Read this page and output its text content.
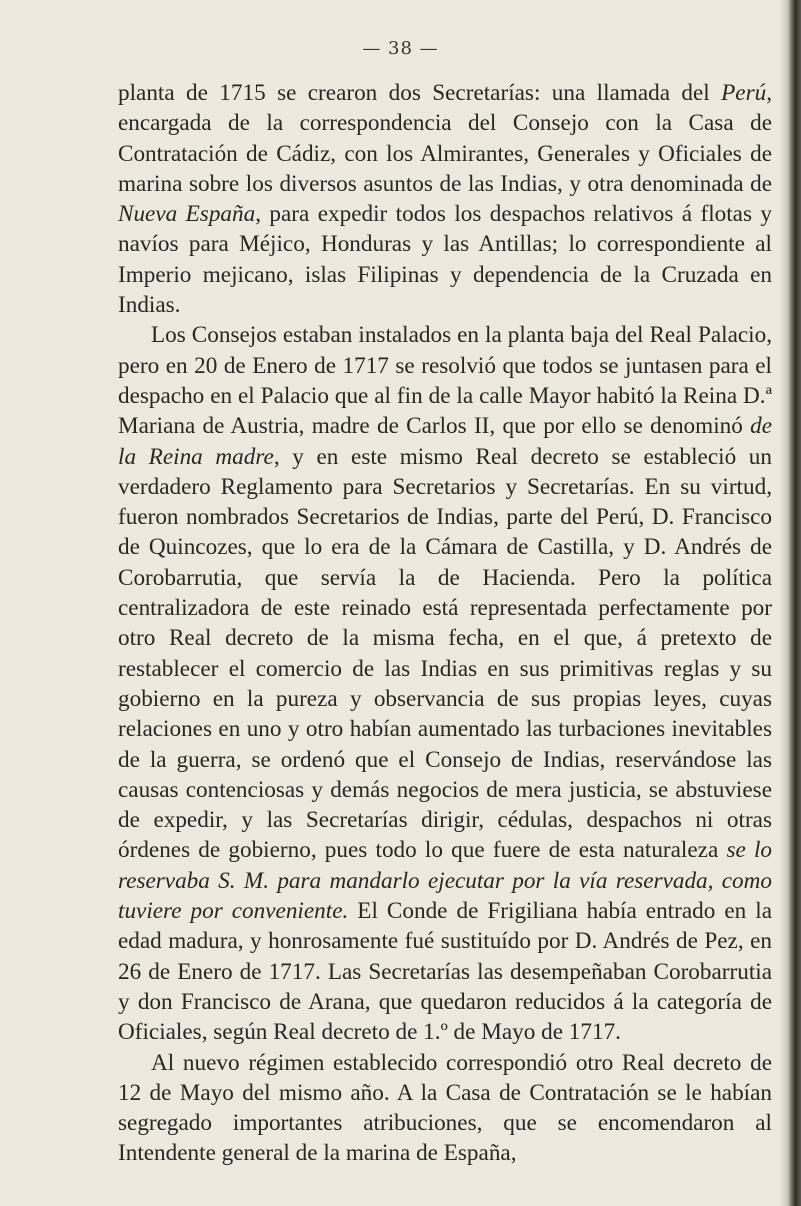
— 38 —

planta de 1715 se crearon dos Secretarías: una llamada del Perú, encargada de la correspondencia del Consejo con la Casa de Contratación de Cádiz, con los Almirantes, Generales y Oficiales de marina sobre los diversos asuntos de las Indias, y otra denominada de Nueva España, para expedir todos los despachos relativos á flotas y navíos para Méjico, Honduras y las Antillas; lo correspondiente al Imperio mejicano, islas Filipinas y dependencia de la Cruzada en Indias.

Los Consejos estaban instalados en la planta baja del Real Palacio, pero en 20 de Enero de 1717 se resolvió que todos se juntasen para el despacho en el Palacio que al fin de la calle Mayor habitó la Reina D.ª Mariana de Austria, madre de Carlos II, que por ello se denominó de la Reina madre, y en este mismo Real decreto se estableció un verdadero Reglamento para Secretarios y Secretarías. En su virtud, fueron nombrados Secretarios de Indias, parte del Perú, D. Francisco de Quincozes, que lo era de la Cámara de Castilla, y D. Andrés de Corobarrutia, que servía la de Hacienda. Pero la política centralizadora de este reinado está representada perfectamente por otro Real decreto de la misma fecha, en el que, á pretexto de restablecer el comercio de las Indias en sus primitivas reglas y su gobierno en la pureza y observancia de sus propias leyes, cuyas relaciones en uno y otro habían aumentado las turbaciones inevitables de la guerra, se ordenó que el Consejo de Indias, reservándose las causas contenciosas y demás negocios de mera justicia, se abstuviese de expedir, y las Secretarías dirigir, cédulas, despachos ni otras órdenes de gobierno, pues todo lo que fuere de esta naturaleza se lo reservaba S. M. para mandarlo ejecutar por la vía reservada, como tuviere por conveniente. El Conde de Frigiliana había entrado en la edad madura, y honrosamente fué sustituído por D. Andrés de Pez, en 26 de Enero de 1717. Las Secretarías las desempeñaban Corobarrutia y don Francisco de Arana, que quedaron reducidos á la categoría de Oficiales, según Real decreto de 1.º de Mayo de 1717.

Al nuevo régimen establecido correspondió otro Real decreto de 12 de Mayo del mismo año. A la Casa de Contratación se le habían segregado importantes atribuciones, que se encomendaron al Intendente general de la marina de España,
